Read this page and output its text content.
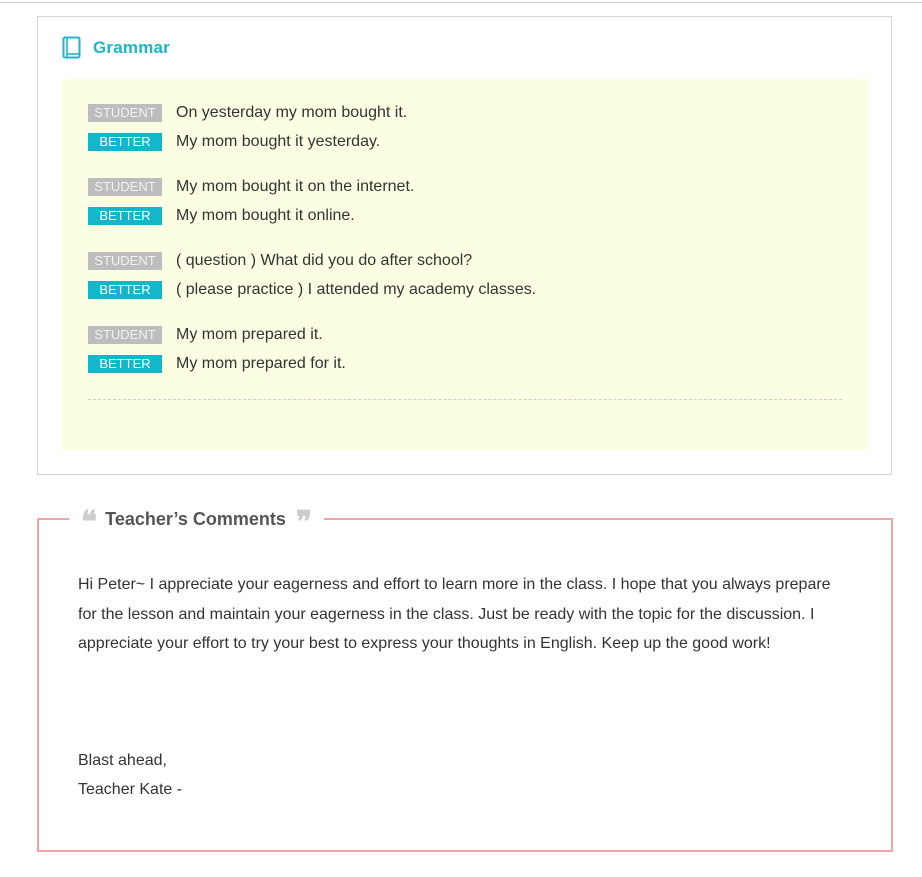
Grammar
STUDENT	On yesterday my mom bought it.
BETTER	My mom bought it yesterday.
STUDENT	My mom bought it on the internet.
BETTER	My mom bought it online.
STUDENT	( question ) What did you do after school?
BETTER	( please practice ) I attended my academy classes.
STUDENT	My mom prepared it.
BETTER	My mom prepared for it.
❝ Teacher’s Comments ❞

Hi Peter~ I appreciate your eagerness and effort to learn more in the class. I hope that you always prepare for the lesson and maintain your eagerness in the class. Just be ready with the topic for the discussion. I appreciate your effort to try your best to express your thoughts in English. Keep up the good work!

Blast ahead,
Teacher Kate -
